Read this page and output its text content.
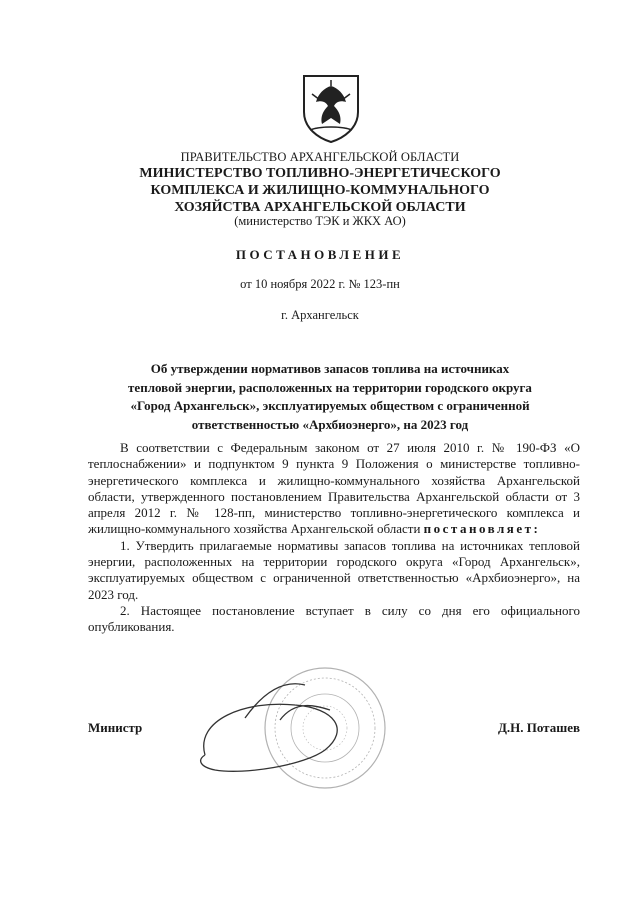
ПРАВИТЕЛЬСТВО АРХАНГЕЛЬСКОЙ ОБЛАСТИ
МИНИСТЕРСТВО ТОПЛИВНО-ЭНЕРГЕТИЧЕСКОГО
КОМПЛЕКСА И ЖИЛИЩНО-КОММУНАЛЬНОГО
ХОЗЯЙСТВА АРХАНГЕЛЬСКОЙ ОБЛАСТИ
(министерство ТЭК и ЖКХ АО)
ПОСТАНОВЛЕНИЕ
от 10 ноября 2022 г. № 123-пн
г. Архангельск
Об утверждении нормативов запасов топлива на источниках
тепловой энергии, расположенных на территории городского округа
«Город Архангельск», эксплуатируемых обществом с ограниченной
ответственностью «Архбиоэнерго», на 2023 год

В соответствии с Федеральным законом от 27 июля 2010 г. № 190-ФЗ «О теплоснабжении» и подпунктом 9 пункта 9 Положения о министерстве топливно-энергетического комплекса и жилищно-коммунального хозяйства Архангельской области, утвержденного постановлением Правительства Архангельской области от 3 апреля 2012 г. № 128-пп, министерство топливно-энергетического комплекса и жилищно-коммунального хозяйства Архангельской области постановляет:

1. Утвердить прилагаемые нормативы запасов топлива на источниках тепловой энергии, расположенных на территории городского округа «Город Архангельск», эксплуатируемых обществом с ограниченной ответственностью «Архбиоэнерго», на 2023 год.

2. Настоящее постановление вступает в силу со дня его официального опубликования.

Министр	Д.Н. Поташев
